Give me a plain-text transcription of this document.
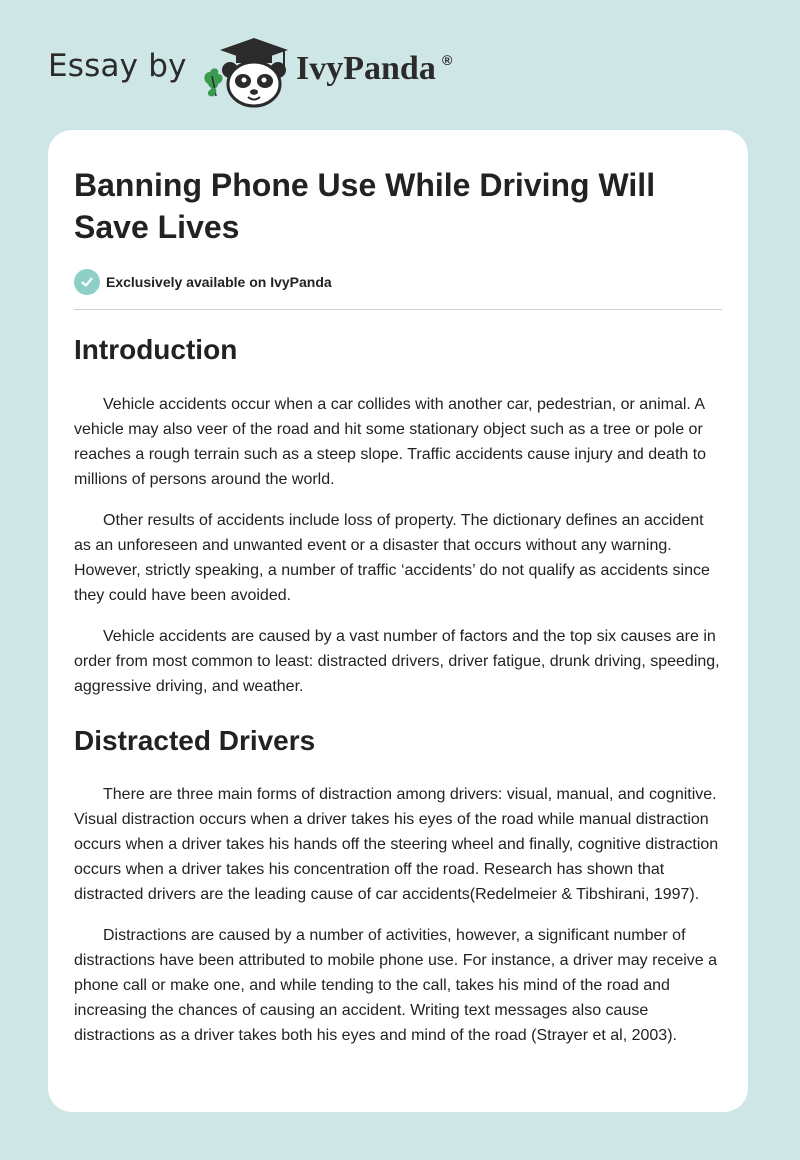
Essay by	IvyPanda ®
Banning Phone Use While Driving Will Save Lives
Exclusively available on IvyPanda
Introduction

Vehicle accidents occur when a car collides with another car, pedestrian, or animal. A vehicle may also veer of the road and hit some stationary object such as a tree or pole or reaches a rough terrain such as a steep slope. Traffic accidents cause injury and death to millions of persons around the world.

Other results of accidents include loss of property. The dictionary defines an accident as an unforeseen and unwanted event or a disaster that occurs without any warning. However, strictly speaking, a number of traffic ‘accidents’ do not qualify as accidents since they could have been avoided.

Vehicle accidents are caused by a vast number of factors and the top six causes are in order from most common to least: distracted drivers, driver fatigue, drunk driving, speeding, aggressive driving, and weather.

Distracted Drivers

There are three main forms of distraction among drivers: visual, manual, and cognitive. Visual distraction occurs when a driver takes his eyes of the road while manual distraction occurs when a driver takes his hands off the steering wheel and finally, cognitive distraction occurs when a driver takes his concentration off the road. Research has shown that distracted drivers are the leading cause of car accidents(Redelmeier & Tibshirani, 1997).

Distractions are caused by a number of activities, however, a significant number of distractions have been attributed to mobile phone use. For instance, a driver may receive a phone call or make one, and while tending to the call, takes his mind of the road and increasing the chances of causing an accident. Writing text messages also cause distractions as a driver takes both his eyes and mind of the road (Strayer et al, 2003).
